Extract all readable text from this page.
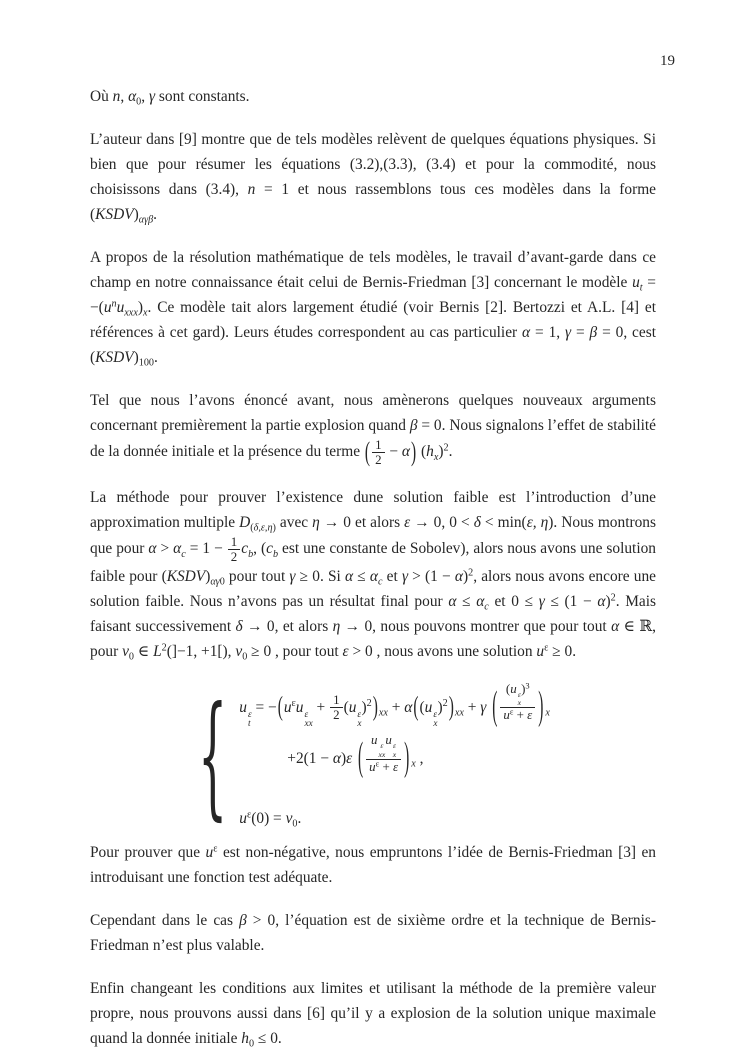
19

Où n, $\alpha_0$, γ sont constants.

L’auteur dans [9] montre que de tels modèles relèvent de quelques équations physiques. Si bien que pour résumer les équations (3.2),(3.3), (3.4) et pour la commodité, nous choisissons dans (3.4), n = 1 et nous rassemblons tous ces modèles dans la forme $(KSDV)_{\alpha\gamma\beta}$.

A propos de la résolution mathématique de tels modèles, le travail d’avant-garde dans ce champ en notre connaissance était celui de Bernis-Friedman [3] concernant le modèle $u_t = -(u^nu_{xxx})_x$. Ce modèle tait alors largement étudié (voir Bernis [2]. Bertozzi et A.L. [4] et références à cet gard). Leurs études correspondent au cas particulier α = 1, γ = β = 0, cest $(KSDV)_{100}$.

Tel que nous l’avons énoncé avant, nous amènerons quelques nouveaux arguments concernant premièrement la partie explosion quand β = 0. Nous signalons l’effet de stabilité de la donnée initiale et la présence du terme ( $\frac{1}{2} - \alpha$) $(h_x)^2$.

La méthode pour prouver l’existence dune solution faible est l’introduction d’une approximation multiple $D_{(\delta,\varepsilon,\eta)}$ avec η → 0 et alors ε → 0, 0 < δ < min(ε, η). Nous montrons que pour $\alpha > \alpha_c = 1 - \frac{1}{2} c_b$, ($c_b$ est une constante de Sobolev), alors nous avons une solution faible pour $(KSDV)_{\alpha\gamma 0}$ pour tout γ ≥ 0. Si $\alpha \le \alpha_c$ et $\gamma > (1 - \alpha)^2$, alors nous avons encore une solution faible. Nous n’avons pas un résultat final pour $\alpha \le \alpha_c$ et $0 \le \gamma \le (1 - \alpha)^2$. Mais faisant successivement δ → 0, et alors η → 0, nous pouvons montrer que pour tout α ∈ ℝ, pour $v_0$ ∈ $L^2(]-1$, +1[), $v_0 \ge 0$ , pour tout ε > 0 , nous avons une solution $u^\varepsilon \ge 0$.

{ u ε
t
= $-(u^\varepsilon u$ ε
xx
+ $\frac{1}{2} (u$ ε
x
)$^2)_{xx} + \alpha((u$ ε
x
)$^2)_{xx} + \gamma$ ( (u ε
x
)$^3$
$u^\varepsilon + \varepsilon$ ) $_x$
+2(1 − α)ε ( u ε
xx
u ε
x
$u^\varepsilon + \varepsilon$ ) $_x$ ,
$u^\varepsilon(0) = v_0$.

Pour prouver que $u^\varepsilon$ est non-négative, nous empruntons l’idée de Bernis-Friedman [3] en introduisant une fonction test adéquate.

Cependant dans le cas β > 0, l’équation est de sixième ordre et la technique de Bernis-Friedman n’est plus valable.

Enfin changeant les conditions aux limites et utilisant la méthode de la première valeur propre, nous prouvons aussi dans [6] qu’il y a explosion de la solution unique maximale quand la donnée initiale $h_0 \le 0$.
